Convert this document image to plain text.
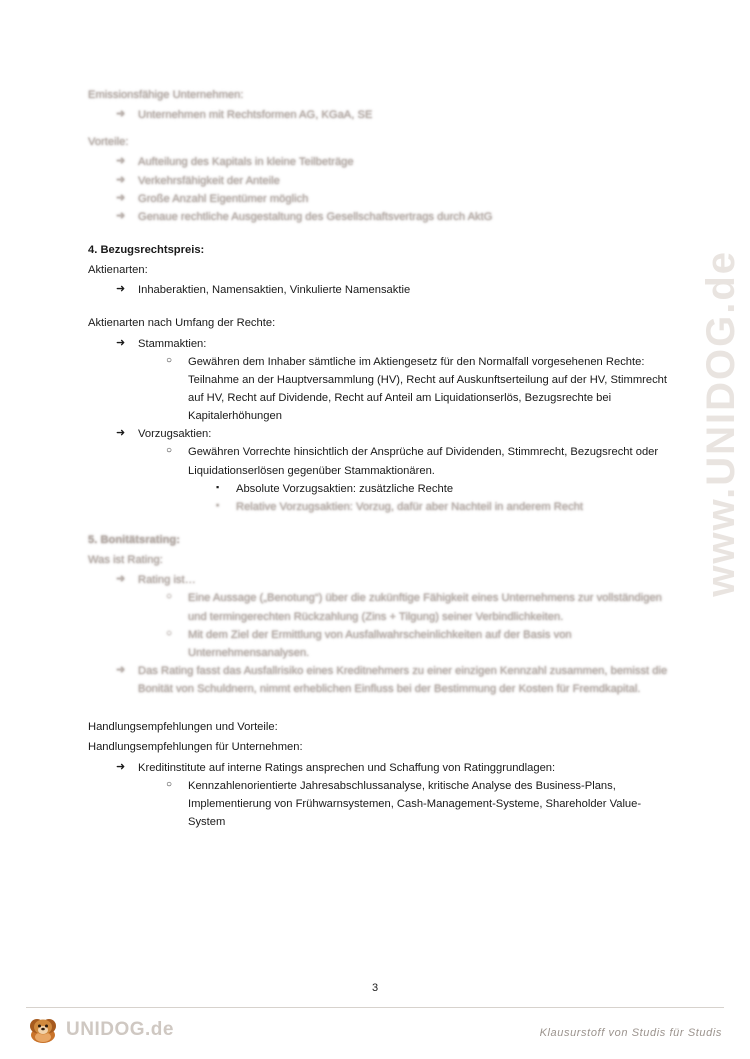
www.UNIDOG.de
Emissionsfähige Unternehmen:
➜ Unternehmen mit Rechtsformen AG, KGaA, SE
Vorteile:
➜ Aufteilung des Kapitals in kleine Teilbeträge
➜ Verkehrsfähigkeit der Anteile
➜ Große Anzahl Eigentümer möglich
➜ Genaue rechtliche Ausgestaltung des Gesellschaftsvertrags durch AktG
4. Bezugsrechtspreis:
Aktienarten:
➜ Inhaberaktien, Namensaktien, Vinkulierte Namensaktie
Aktienarten nach Umfang der Rechte:
➜ Stammaktien:
○ Gewähren dem Inhaber sämtliche im Aktiengesetz für den Normalfall vorgesehenen Rechte: Teilnahme an der Hauptversammlung (HV), Recht auf Auskunftserteilung auf der HV, Stimmrecht auf HV, Recht auf Dividende, Recht auf Anteil am Liquidationserlös, Bezugsrechte bei Kapitalerhöhungen
➜ Vorzugsaktien:
○ Gewähren Vorrechte hinsichtlich der Ansprüche auf Dividenden, Stimmrecht, Bezugsrecht oder Liquidationserlösen gegenüber Stammaktionären.
▪ Absolute Vorzugsaktien: zusätzliche Rechte
▪ Relative Vorzugsaktien: Vorzug, dafür aber Nachteil in anderem Recht
5. Bonitätsrating:
Was ist Rating:
➜ Rating ist…
○ Eine Aussage („Benotung“) über die zukünftige Fähigkeit eines Unternehmens zur vollständigen und termingerechten Rückzahlung (Zins + Tilgung) seiner Verbindlichkeiten.
○ Mit dem Ziel der Ermittlung von Ausfallwahrscheinlichkeiten auf der Basis von Unternehmensanalysen.
➜ Das Rating fasst das Ausfallrisiko eines Kreditnehmers zu einer einzigen Kennzahl zusammen, bemisst die Bonität von Schuldnern, nimmt erheblichen Einfluss bei der Bestimmung der Kosten für Fremdkapital.
Handlungsempfehlungen und Vorteile:
Handlungsempfehlungen für Unternehmen:
➜ Kreditinstitute auf interne Ratings ansprechen und Schaffung von Ratinggrundlagen:
○ Kennzahlenorientierte Jahresabschlussanalyse, kritische Analyse des Business-Plans, Implementierung von Frühwarnsystemen, Cash-Management-Systeme, Shareholder Value-System
3
UNIDOG.de	Klausurstoff von Studis für Studis
